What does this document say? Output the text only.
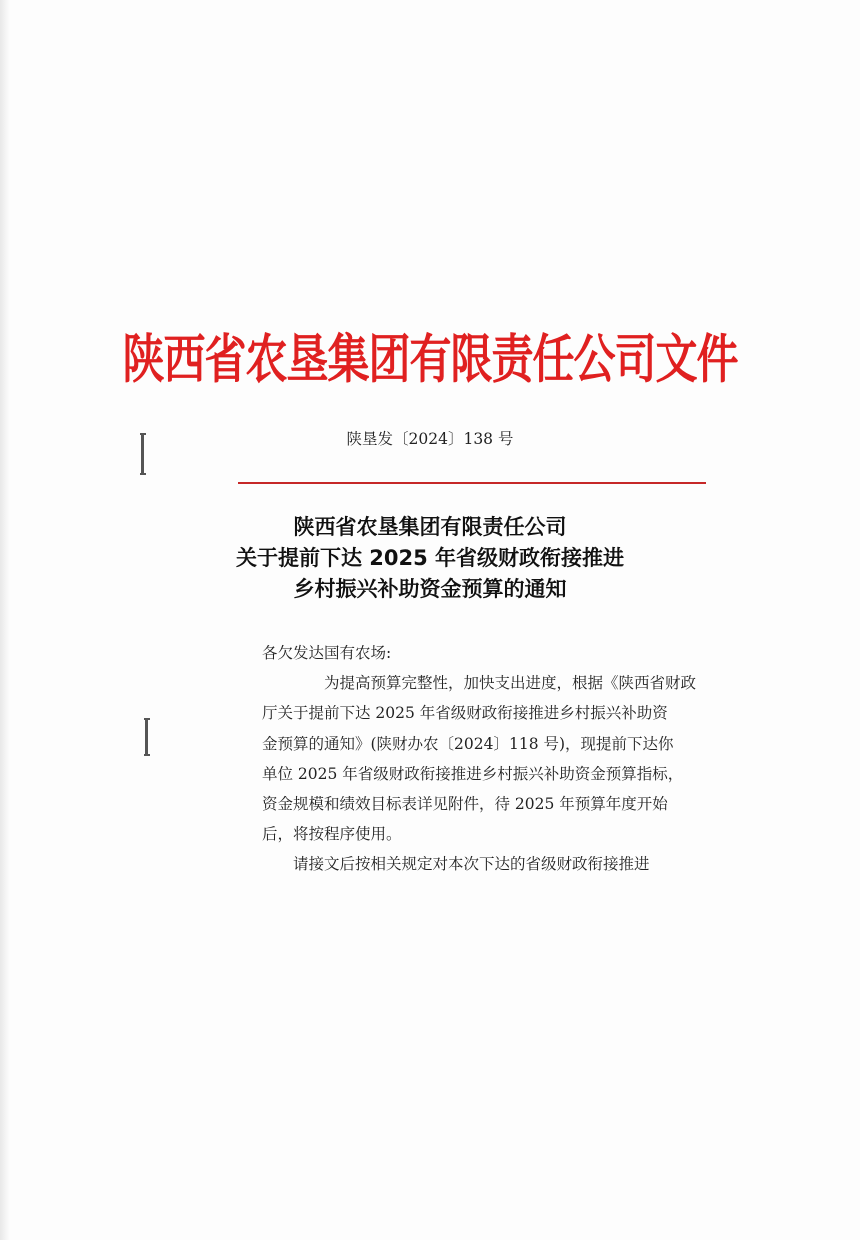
陕西省农垦集团有限责任公司文件
陕垦发〔2024〕138 号
陕西省农垦集团有限责任公司
关于提前下达 2025 年省级财政衔接推进
乡村振兴补助资金预算的通知

各欠发达国有农场:

为提高预算完整性，加快支出进度，根据《陕西省财政
厅关于提前下达 2025 年省级财政衔接推进乡村振兴补助资
金预算的通知》(陕财办农〔2024〕118 号)，现提前下达你
单位 2025 年省级财政衔接推进乡村振兴补助资金预算指标，
资金规模和绩效目标表详见附件，待 2025 年预算年度开始
后，将按程序使用。

请接文后按相关规定对本次下达的省级财政衔接推进
